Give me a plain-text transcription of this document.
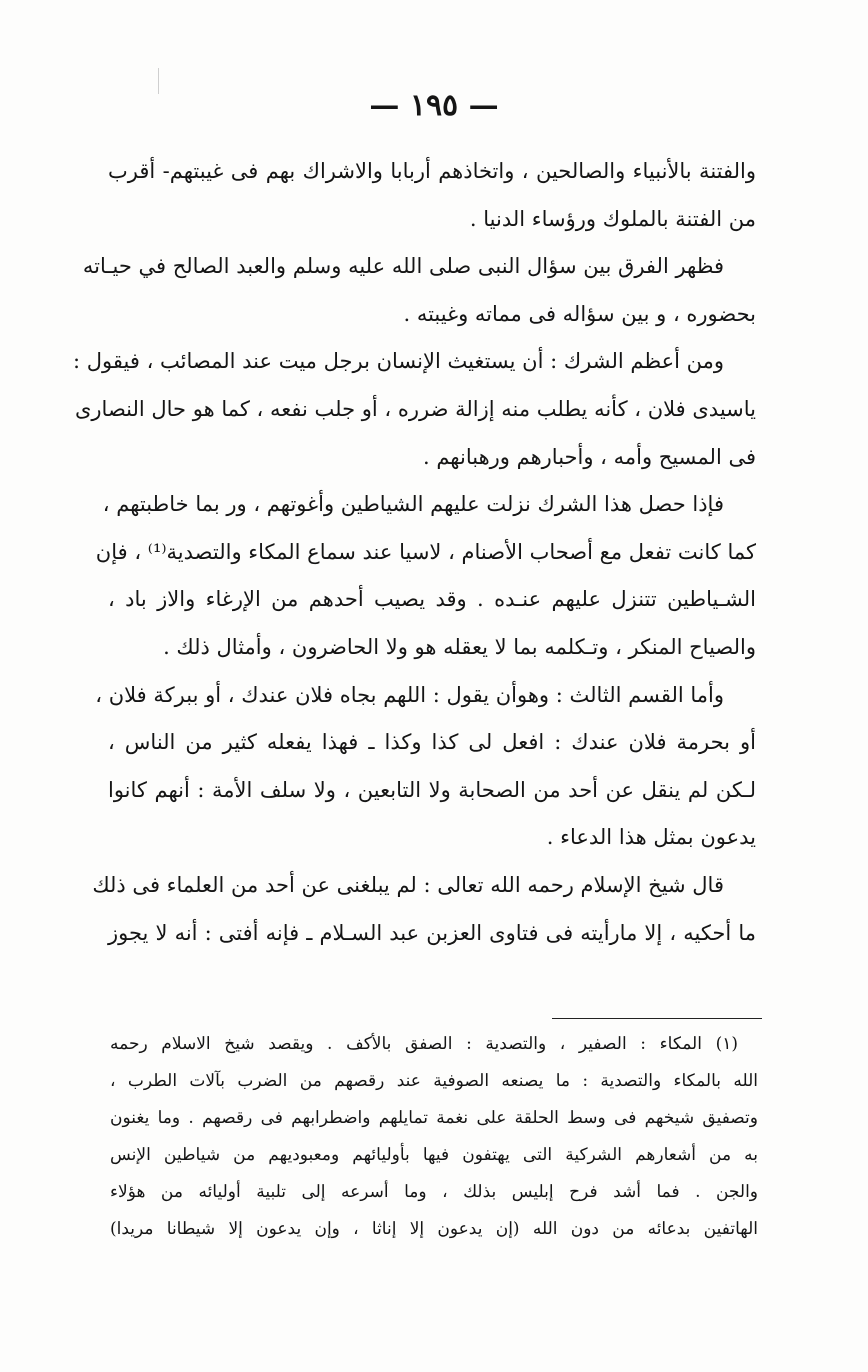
— ١٩٥ —
والفتنة بالأنبياء والصالحين ، واتخاذهم أربابا والاشراك بهم فى غيبتهم- أقرب
من الفتنة بالملوك ورؤساء الدنيا .
فظهر الفرق بين سؤال النبى صلى الله عليه وسلم والعبد الصالح في حيـاته
بحضوره ، و بين سؤاله فى مماته وغيبته .
ومن أعظم الشرك : أن يستغيث الإنسان برجل ميت عند المصائب ، فيقول :
ياسيدى فلان ، كأنه يطلب منه إزالة ضرره ، أو جلب نفعه ، كما هو حال النصارى
فى المسيح وأمه ، وأحبارهم ورهبانهم .
فإذا حصل هذا الشرك نزلت عليهم الشياطين وأغوتهم ، ور بما خاطبتهم ،
كما كانت تفعل مع أصحاب الأصنام ، لاسيا عند سماع المكاء والتصدية⁽¹⁾ ، فإن
الشـياطين تتنزل عليهم عنـده . وقد يصيب أحدهم من الإرغاء والاز باد ،
والصياح المنكر ، وتـكلمه بما لا يعقله هو ولا الحاضرون ، وأمثال ذلك .
وأما القسم الثالث : وهوأن يقول : اللهم بجاه فلان عندك ، أو ببركة فلان ،
أو بحرمة فلان عندك : افعل لى كذا وكذا ـ فهذا يفعله كثير من الناس ،
لـكن لم ينقل عن أحد من الصحابة ولا التابعين ، ولا سلف الأمة : أنهم كانوا
يدعون بمثل هذا الدعاء .
قال شيخ الإسلام رحمه الله تعالى : لم يبلغنى عن أحد من العلماء فى ذلك
ما أحكيه ، إلا مارأيته فى فتاوى العزبن عبد السـلام ـ فإنه أفتى : أنه لا يجوز
(١) المكاء : الصفير ، والتصدية : الصفق بالأكف . ويقصد شيخ الاسلام رحمه
الله بالمكاء والتصدية : ما يصنعه الصوفية عند رقصهم من الضرب بآلات الطرب ،
وتصفيق شيخهم فى وسط الحلقة على نغمة تمايلهم واضطرابهم فى رقصهم . وما يغنون
به من أشعارهم الشركية التى يهتفون فيها بأوليائهم ومعبوديهم من شياطين الإنس
والجن . فما أشد فرح إبليس بذلك ، وما أسرعه إلى تلبية أوليائه من هؤلاء
الهاتفين بدعائه من دون الله (إن يدعون إلا إناثا ، وإن يدعون إلا شيطانا مريدا)
